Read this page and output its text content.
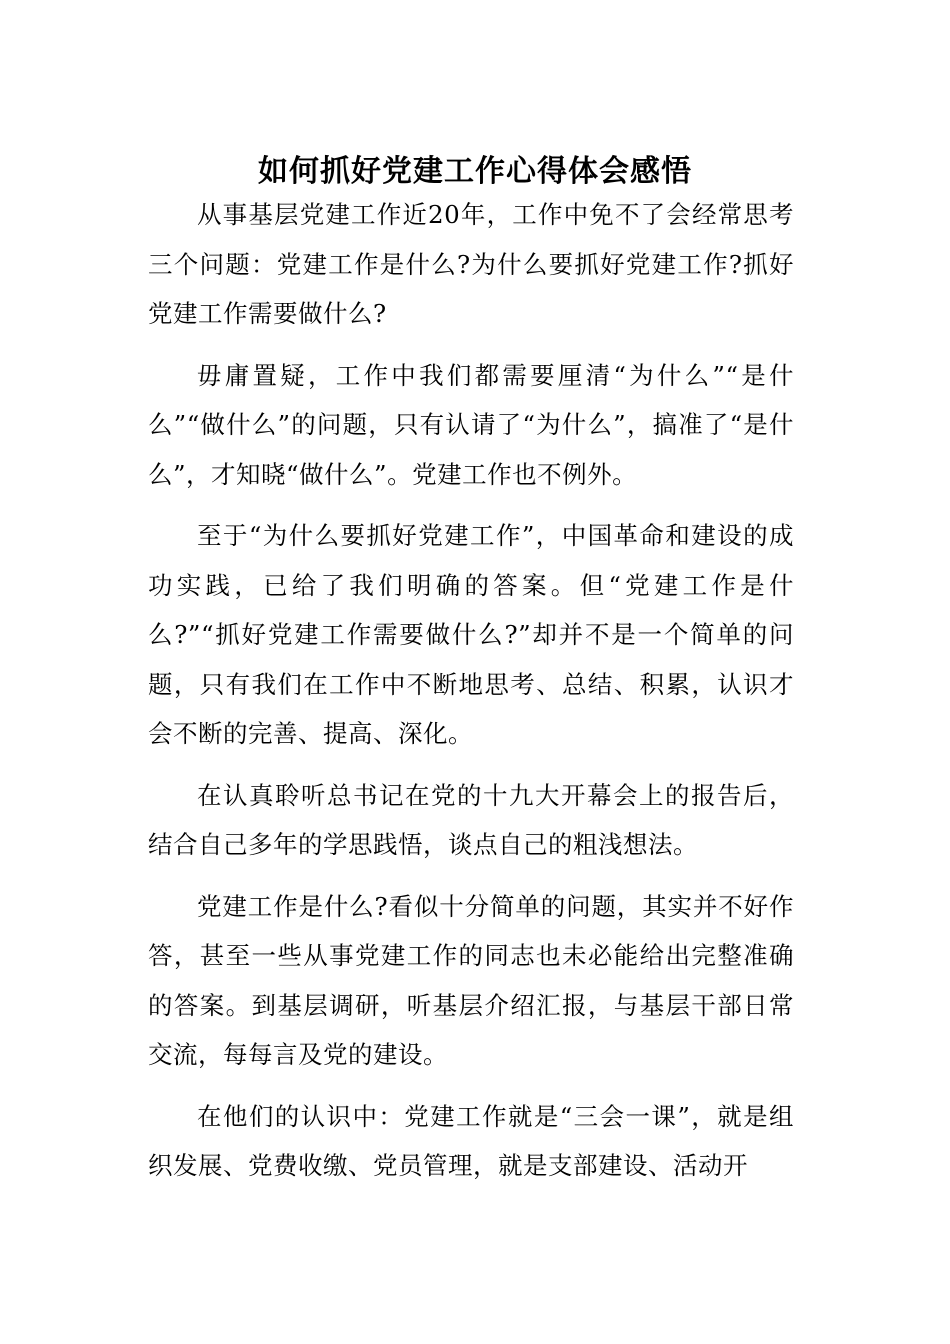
如何抓好党建工作心得体会感悟

从事基层党建工作近20年，工作中免不了会经常思考三个问题：党建工作是什么?为什么要抓好党建工作?抓好党建工作需要做什么?

毋庸置疑，工作中我们都需要厘清“为什么”“是什么”“做什么”的问题，只有认请了“为什么”，搞准了“是什么”，才知晓“做什么”。党建工作也不例外。

至于“为什么要抓好党建工作”，中国革命和建设的成功实践，已给了我们明确的答案。但“党建工作是什么?”“抓好党建工作需要做什么?”却并不是一个简单的问题，只有我们在工作中不断地思考、总结、积累，认识才会不断的完善、提高、深化。

在认真聆听总书记在党的十九大开幕会上的报告后，结合自己多年的学思践悟，谈点自己的粗浅想法。

党建工作是什么?看似十分简单的问题，其实并不好作答，甚至一些从事党建工作的同志也未必能给出完整准确的答案。到基层调研，听基层介绍汇报，与基层干部日常交流，每每言及党的建设。

在他们的认识中：党建工作就是“三会一课”，就是组织发展、党费收缴、党员管理，就是支部建设、活动开
